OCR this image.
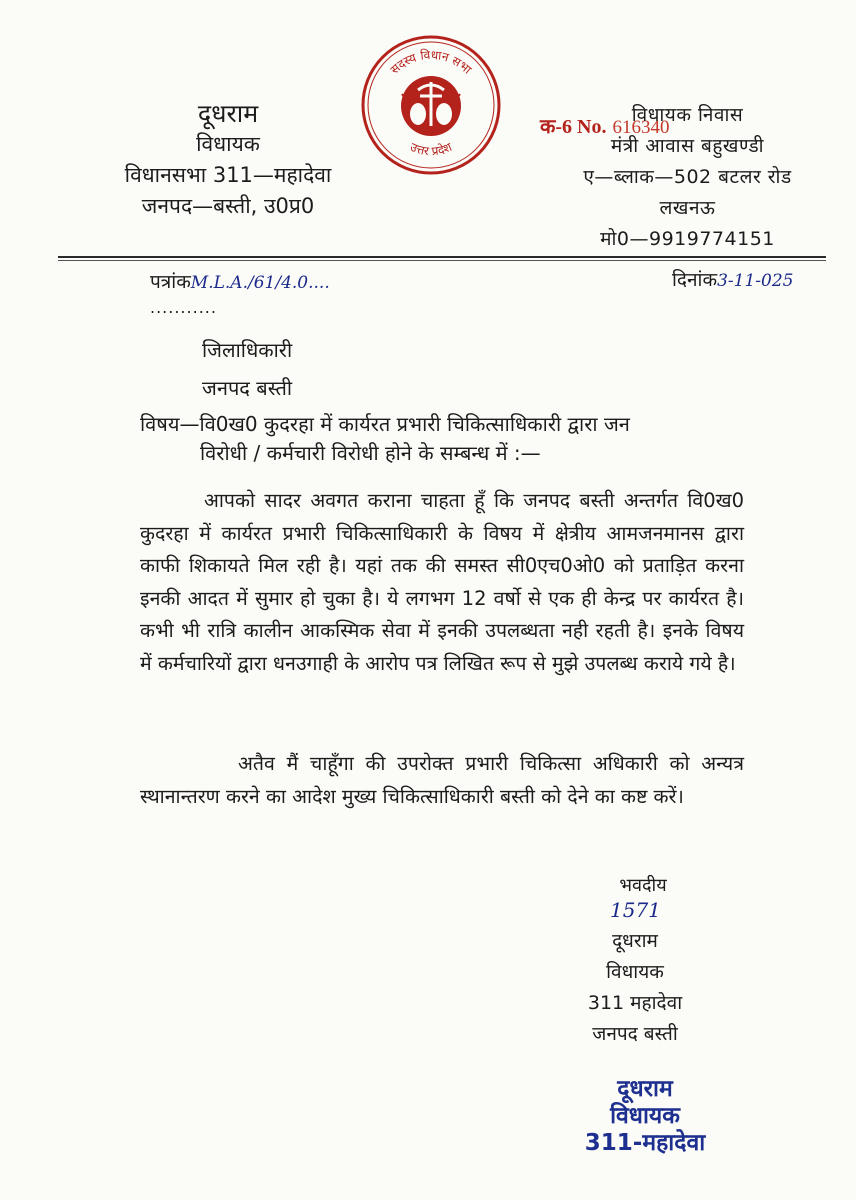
दूधराम
विधायक
विधानसभा 311—महादेवा
जनपद—बस्ती, उ0प्र0
सदस्य विधान सभा
उत्तर प्रदेश
क-6 No. 616340
विधायक निवास
मंत्री आवास बहुखण्डी
ए—ब्लाक—502 बटलर रोड
लखनऊ
मो0—9919774151
पत्रांकM.L.A./61/4.0....
...........
दिनांक3-11-025
जिलाधिकारी
जनपद बस्ती
विषय—वि0ख0 कुदरहा में कार्यरत प्रभारी चिकित्साधिकारी द्वारा जन
विरोधी / कर्मचारी विरोधी होने के सम्बन्ध में :—
आपको सादर अवगत कराना चाहता हूँ कि जनपद बस्ती अन्तर्गत वि0ख0 कुदरहा में कार्यरत प्रभारी चिकित्साधिकारी के विषय में क्षेत्रीय आमजनमानस द्वारा काफी शिकायते मिल रही है। यहां तक की समस्त सी0एच0ओ0 को प्रताड़ित करना इनकी आदत में सुमार हो चुका है। ये लगभग 12 वर्षो से एक ही केन्द्र पर कार्यरत है। कभी भी रात्रि कालीन आकस्मिक सेवा में इनकी उपलब्धता नही रहती है। इनके विषय में कर्मचारियों द्वारा धनउगाही के आरोप पत्र लिखित रूप से मुझे उपलब्ध कराये गये है।
अतैव मैं चाहूँगा की उपरोक्त प्रभारी चिकित्सा अधिकारी को अन्यत्र स्थानान्तरण करने का आदेश मुख्य चिकित्साधिकारी बस्ती को देने का कष्ट करें।
भवदीय
1571
दूधराम
विधायक
311 महादेवा
जनपद बस्ती
दूधराम
विधायक
311-महादेवा
